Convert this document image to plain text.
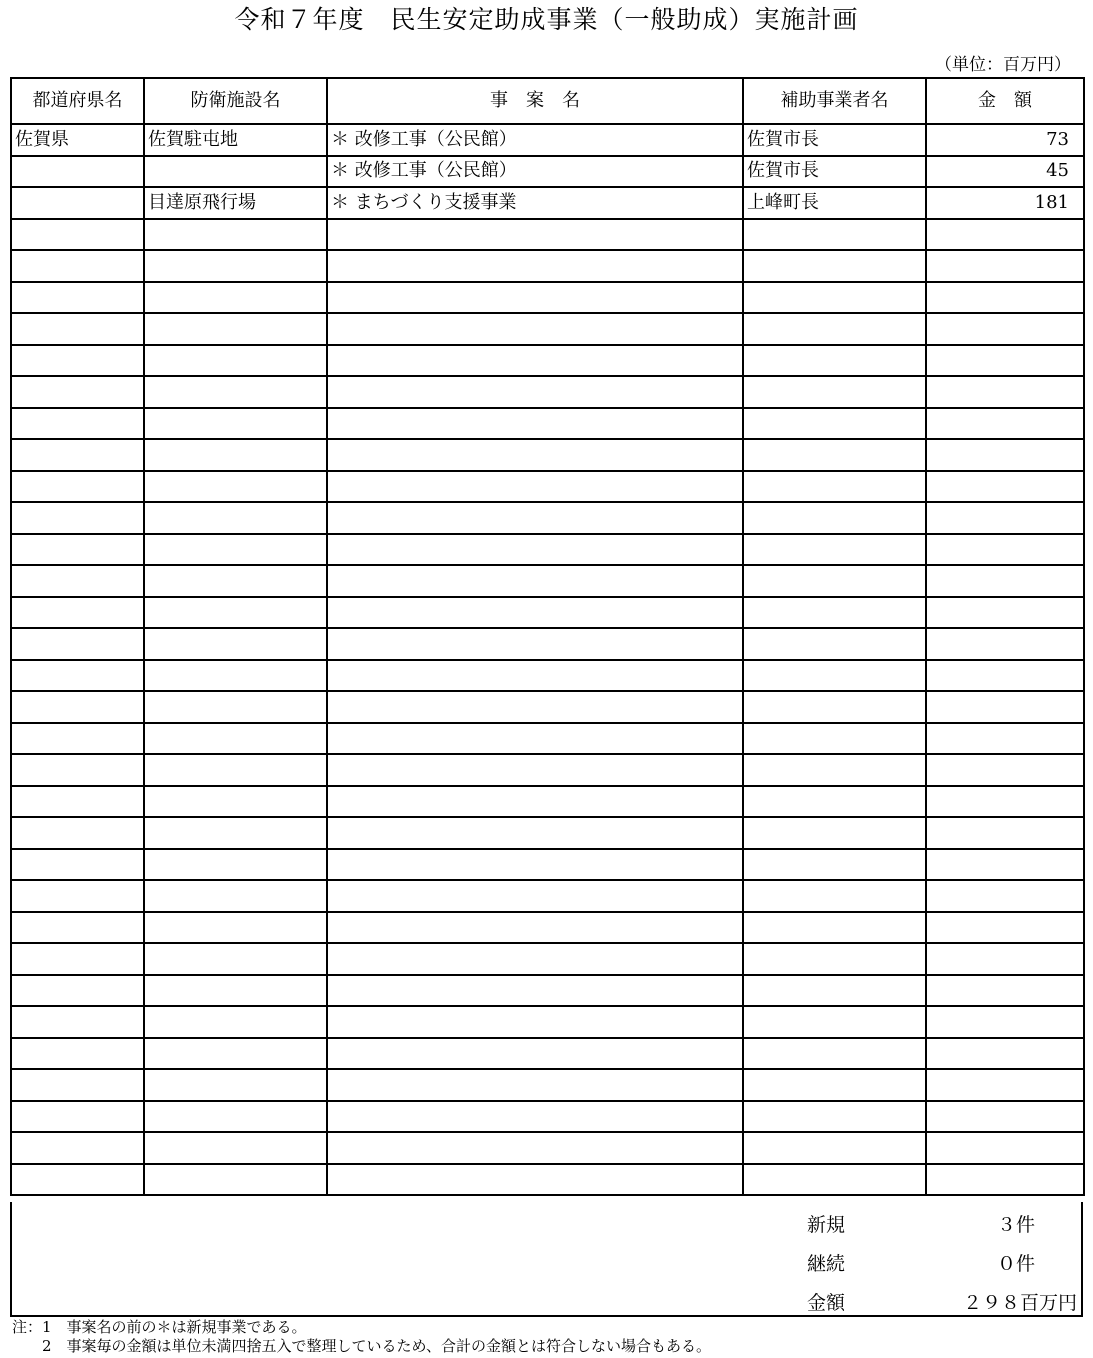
令和７年度　民生安定助成事業（一般助成）実施計画
（単位：百万円）
都道府県名	防衛施設名	事　案　名	補助事業者名	金　額
佐賀県	佐賀駐屯地	＊ 改修工事（公民館）	佐賀市長	73
		＊ 改修工事（公民館）	佐賀市長	45
	目達原飛行場	＊ まちづくり支援事業	上峰町長	181

新規	３件
継続	０件
金額	２９８百万円
注：1　事案名の前の＊は新規事業である。
　　2　事案毎の金額は単位未満四捨五入で整理しているため、合計の金額とは符合しない場合もある。
